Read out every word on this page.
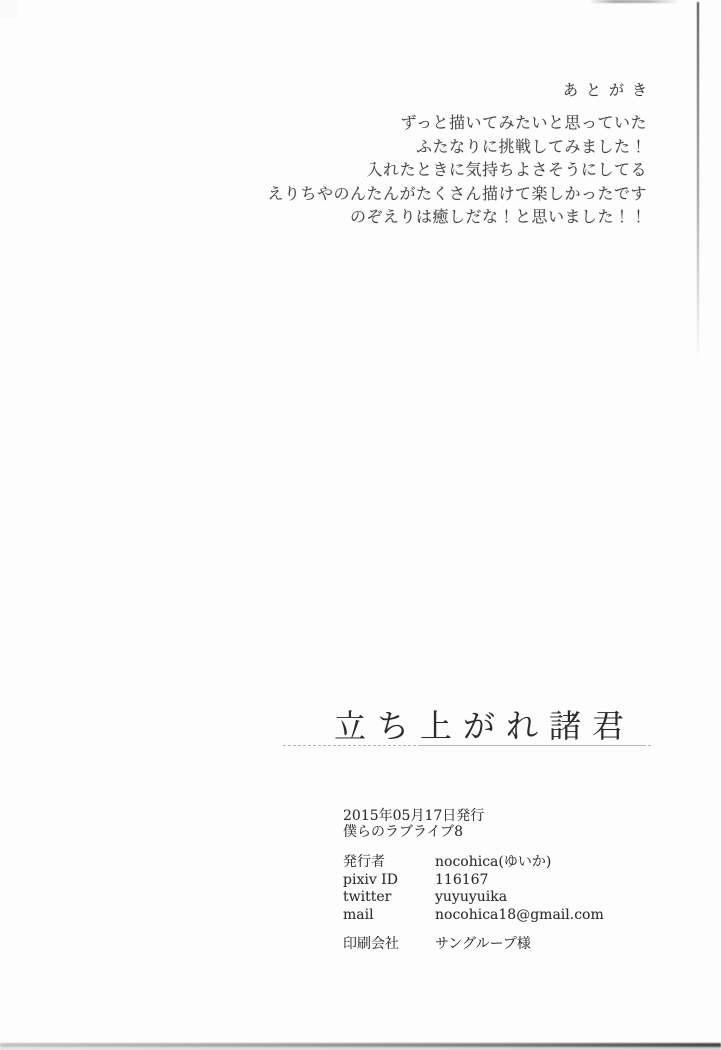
あとがき
ずっと描いてみたいと思っていた
ふたなりに挑戦してみました！
入れたときに気持ちよさそうにしてる
えりちやのんたんがたくさん描けて楽しかったです
のぞえりは癒しだな！と思いました！！
立ち上がれ諸君
2015年05月17日発行
僕らのラブライブ8
発行者	nocohica(ゆいか)
pixiv ID	116167
twitter	yuyuyuika
mail	nocohica18@gmail.com
印刷会社	サングループ様
